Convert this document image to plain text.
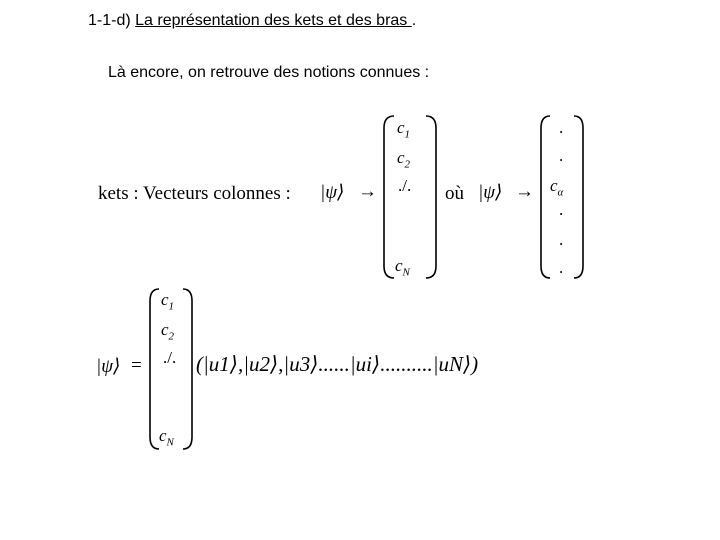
1-1-d) La représentation des kets et des bras .
Là encore, on retrouve des notions connues :
kets : Vecteurs colonnes : |ψ⟩ →
$c_1$
$c_2$
./.
$c_N$
où |ψ⟩ →
.
.
$c_\alpha$
.
.
.
|ψ⟩ =
$c_1$
$c_2$
./.
$c_N$
(|u1⟩,|u2⟩,|u3⟩......|ui⟩..........|uN⟩)
